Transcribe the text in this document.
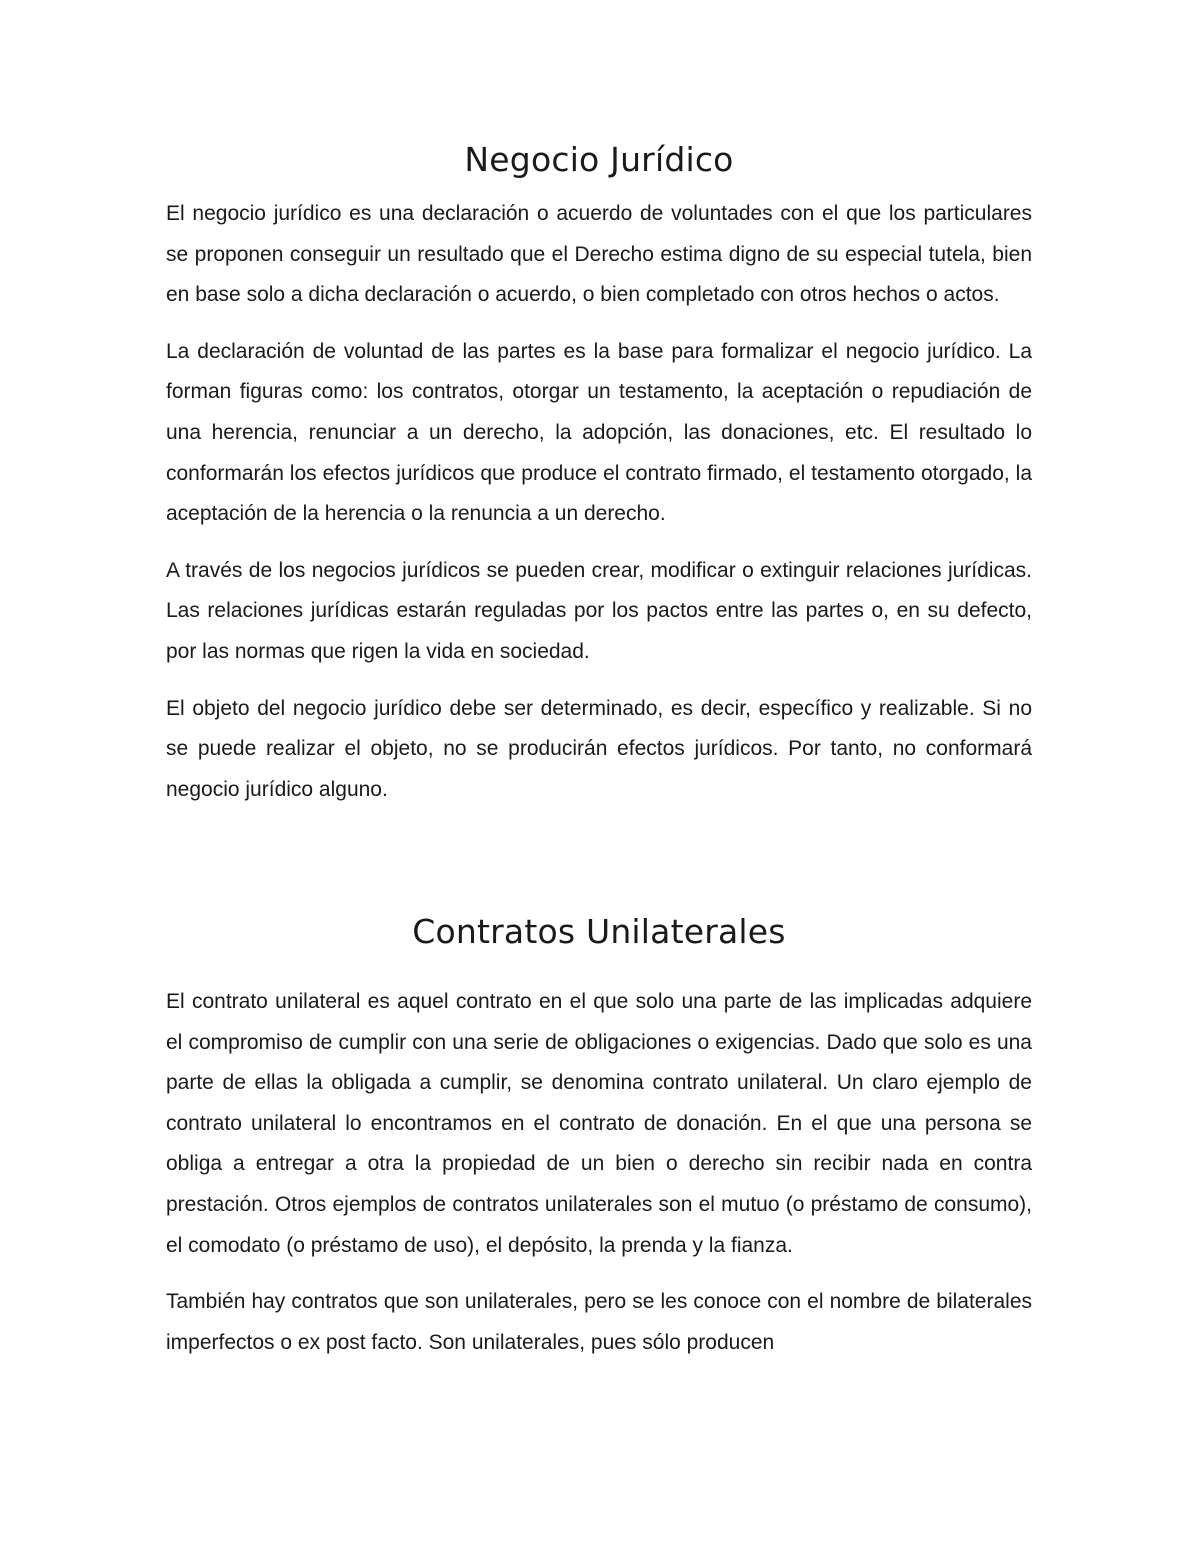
Negocio Jurídico

El negocio jurídico es una declaración o acuerdo de voluntades con el que los particulares se proponen conseguir un resultado que el Derecho estima digno de su especial tutela, bien en base solo a dicha declaración o acuerdo, o bien completado con otros hechos o actos.

La declaración de voluntad de las partes es la base para formalizar el negocio jurídico. La forman figuras como: los contratos, otorgar un testamento, la aceptación o repudiación de una herencia, renunciar a un derecho, la adopción, las donaciones, etc. El resultado lo conformarán los efectos jurídicos que produce el contrato firmado, el testamento otorgado, la aceptación de la herencia o la renuncia a un derecho.

A través de los negocios jurídicos se pueden crear, modificar o extinguir relaciones jurídicas. Las relaciones jurídicas estarán reguladas por los pactos entre las partes o, en su defecto, por las normas que rigen la vida en sociedad.

El objeto del negocio jurídico debe ser determinado, es decir, específico y realizable. Si no se puede realizar el objeto, no se producirán efectos jurídicos. Por tanto, no conformará negocio jurídico alguno.

Contratos Unilaterales

El contrato unilateral es aquel contrato en el que solo una parte de las implicadas adquiere el compromiso de cumplir con una serie de obligaciones o exigencias. Dado que solo es una parte de ellas la obligada a cumplir, se denomina contrato unilateral. Un claro ejemplo de contrato unilateral lo encontramos en el contrato de donación. En el que una persona se obliga a entregar a otra la propiedad de un bien o derecho sin recibir nada en contra prestación. Otros ejemplos de contratos unilaterales son el mutuo (o préstamo de consumo), el comodato (o préstamo de uso), el depósito, la prenda y la fianza.

También hay contratos que son unilaterales, pero se les conoce con el nombre de bilaterales imperfectos o ex post facto. Son unilaterales, pues sólo producen
